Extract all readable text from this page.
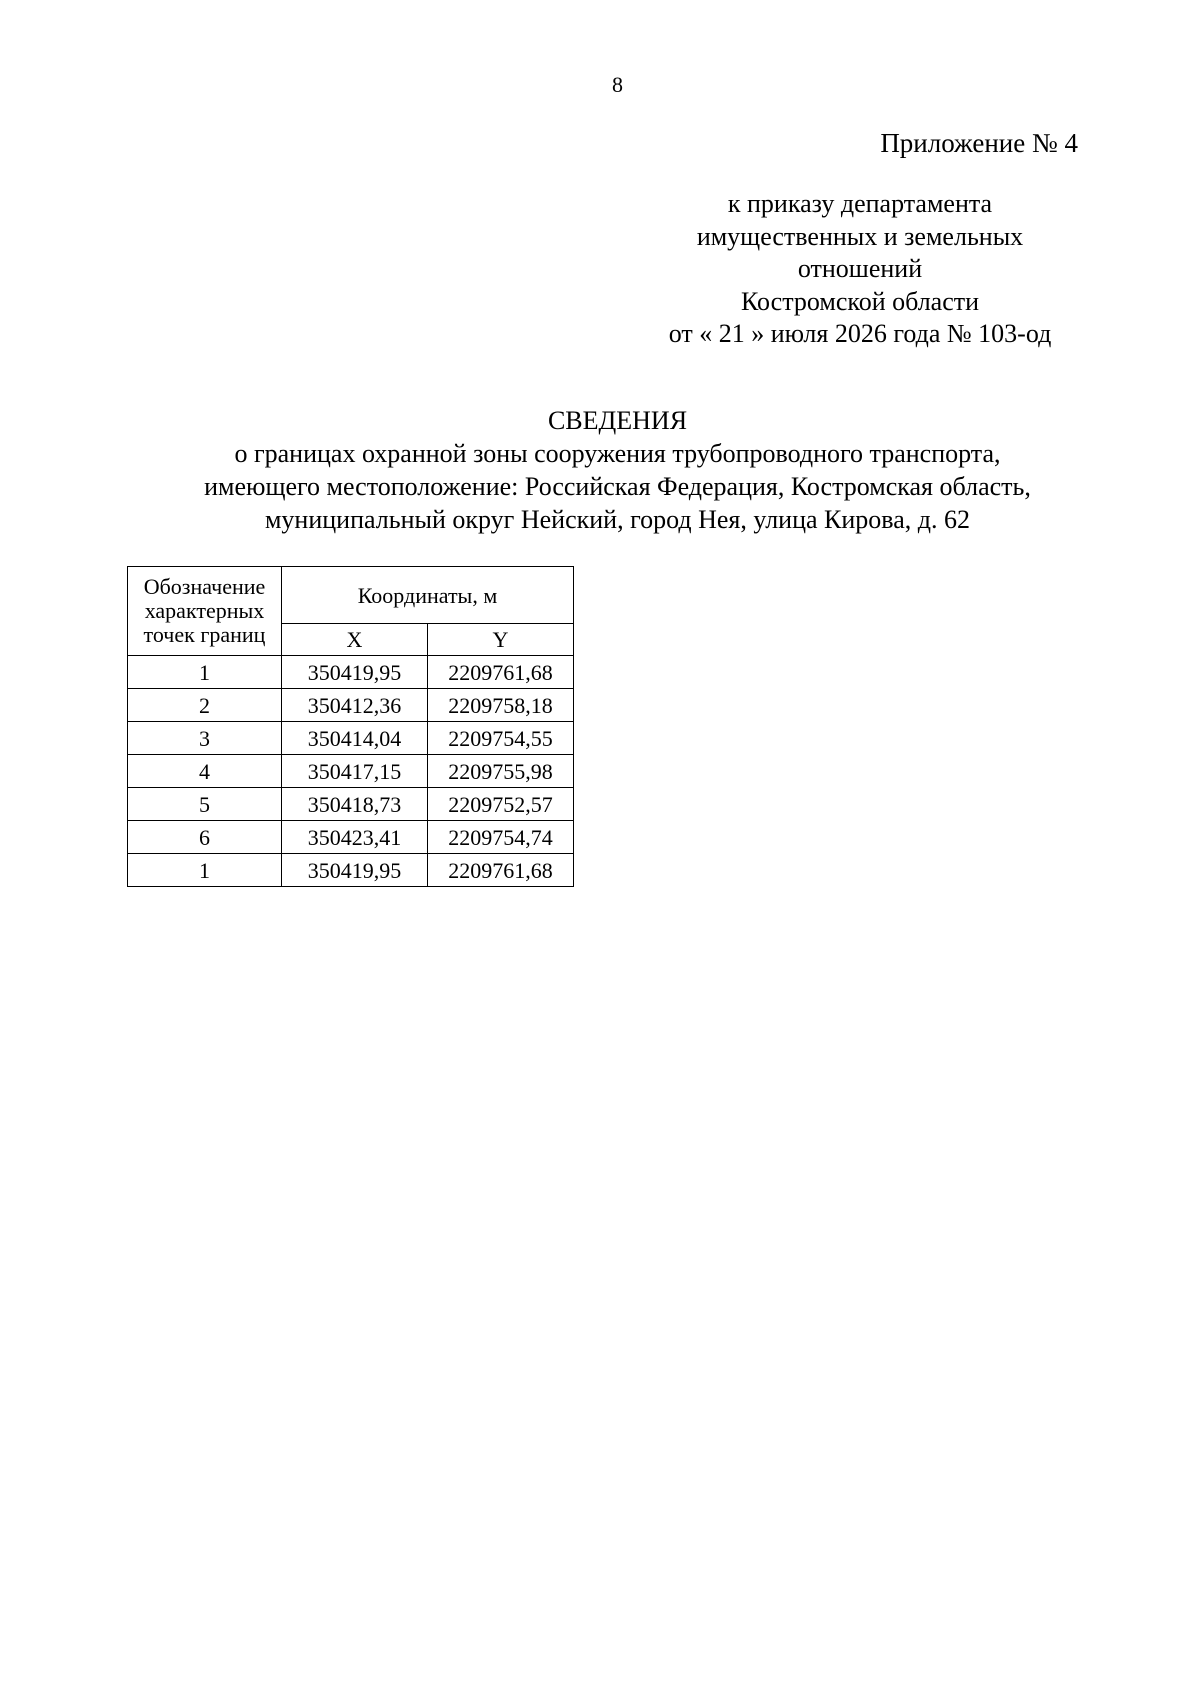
8
Приложение № 4
к приказу департамента
имущественных и земельных
отношений
Костромской области
от « 21 » июля 2026 года № 103-од
СВЕДЕНИЯ
о границах охранной зоны сооружения трубопроводного транспорта,
имеющего местоположение: Российская Федерация, Костромская область,
муниципальный округ Нейский, город Нея, улица Кирова, д. 62
Обозначение характерных точек границ	Координаты, м	
	X	Y
1	350419,95	2209761,68
2	350412,36	2209758,18
3	350414,04	2209754,55
4	350417,15	2209755,98
5	350418,73	2209752,57
6	350423,41	2209754,74
1	350419,95	2209761,68
